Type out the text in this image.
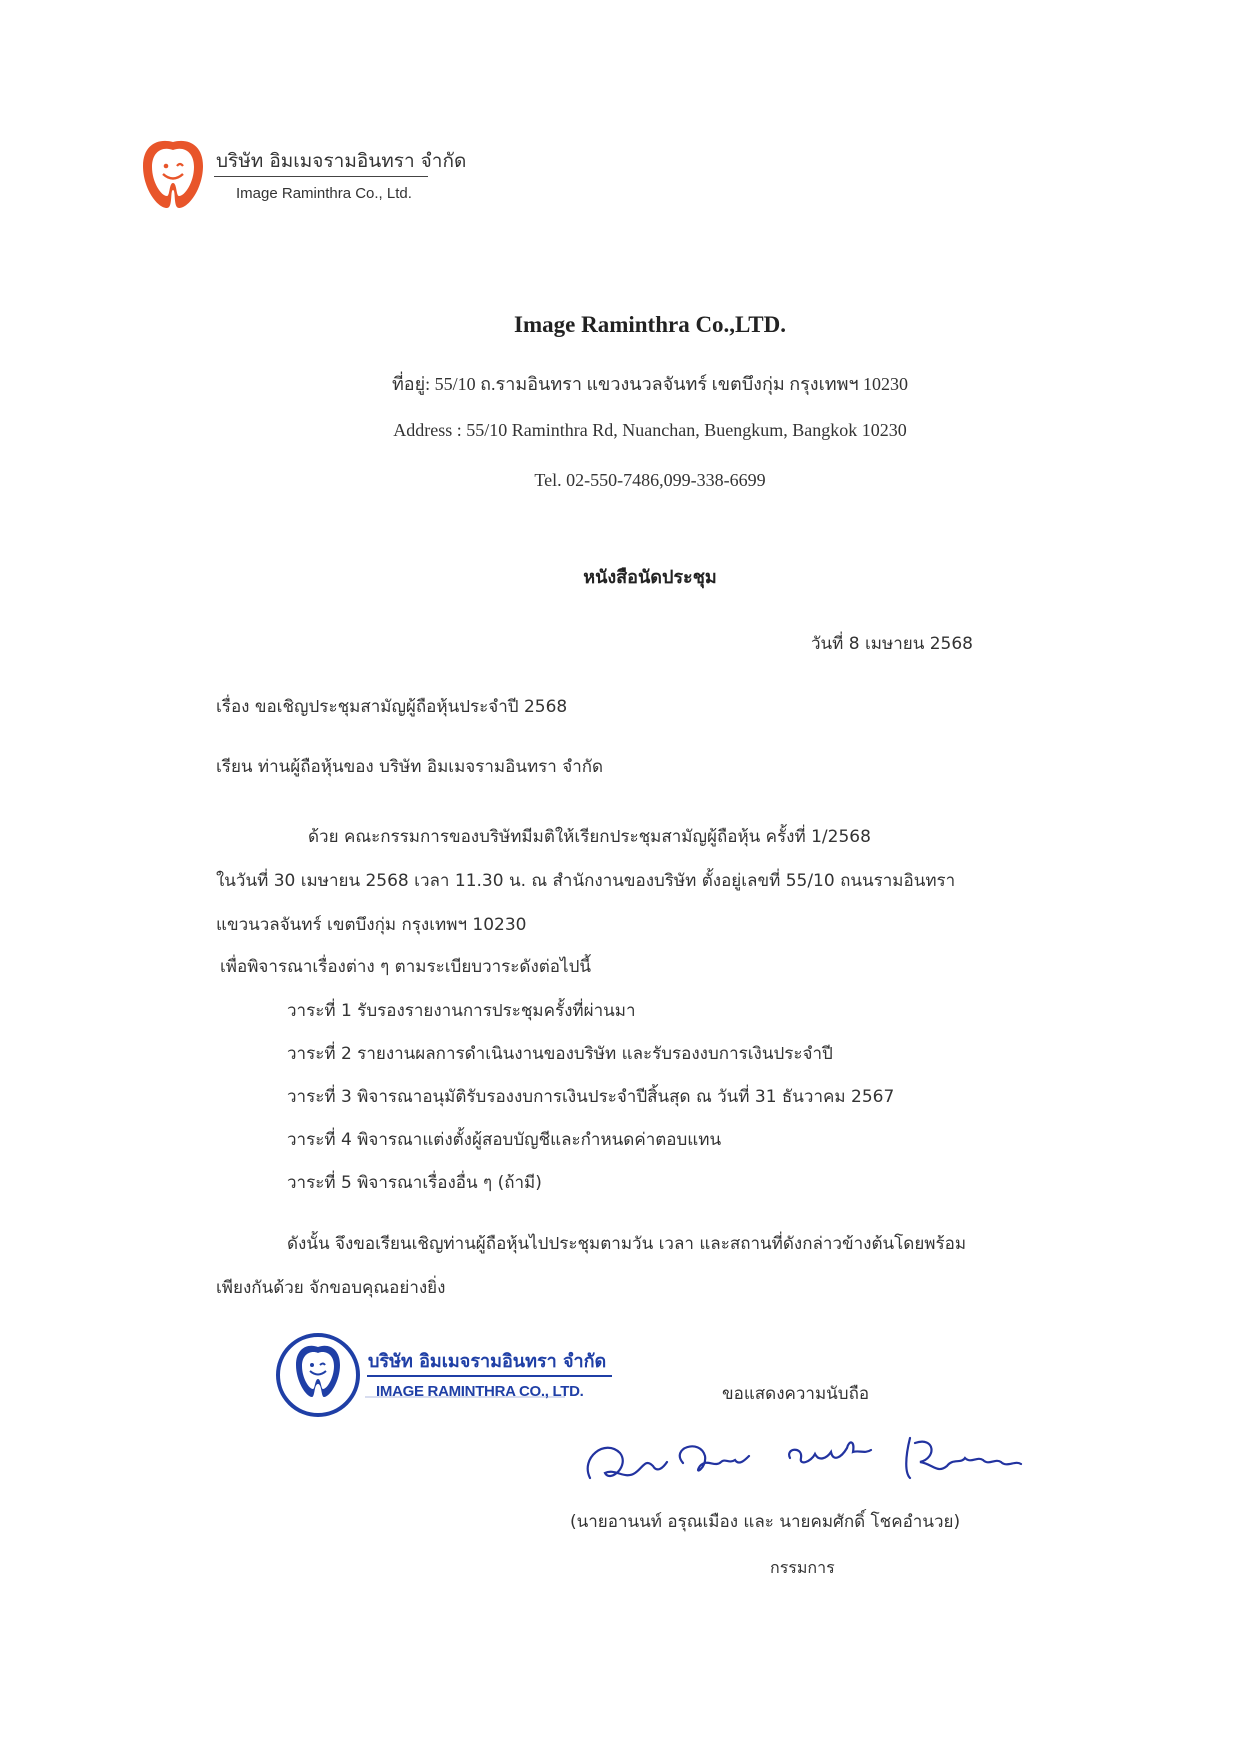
บริษัท อิมเมจรามอินทรา จำกัด
Image Raminthra Co., Ltd.
Image Raminthra Co.,LTD.
ที่อยู่: 55/10 ถ.รามอินทรา แขวงนวลจันทร์ เขตบึงกุ่ม กรุงเทพฯ 10230
Address : 55/10 Raminthra Rd, Nuanchan, Buengkum, Bangkok 10230
Tel. 02-550-7486,099-338-6699
หนังสือนัดประชุม
วันที่ 8 เมษายน 2568
เรื่อง ขอเชิญประชุมสามัญผู้ถือหุ้นประจำปี 2568
เรียน ท่านผู้ถือหุ้นของ บริษัท อิมเมจรามอินทรา จำกัด
ด้วย คณะกรรมการของบริษัทมีมติให้เรียกประชุมสามัญผู้ถือหุ้น ครั้งที่ 1/2568
ในวันที่ 30 เมษายน 2568 เวลา 11.30 น. ณ สำนักงานของบริษัท ตั้งอยู่เลขที่ 55/10 ถนนรามอินทรา
แขวนวลจันทร์ เขตบึงกุ่ม กรุงเทพฯ 10230
เพื่อพิจารณาเรื่องต่าง ๆ ตามระเบียบวาระดังต่อไปนี้
วาระที่ 1 รับรองรายงานการประชุมครั้งที่ผ่านมา
วาระที่ 2 รายงานผลการดำเนินงานของบริษัท และรับรองงบการเงินประจำปี
วาระที่ 3 พิจารณาอนุมัติรับรองงบการเงินประจำปีสิ้นสุด ณ วันที่ 31 ธันวาคม 2567
วาระที่ 4 พิจารณาแต่งตั้งผู้สอบบัญชีและกำหนดค่าตอบแทน
วาระที่ 5 พิจารณาเรื่องอื่น ๆ (ถ้ามี)
ดังนั้น จึงขอเรียนเชิญท่านผู้ถือหุ้นไปประชุมตามวัน เวลา และสถานที่ดังกล่าวข้างต้นโดยพร้อม
เพียงกันด้วย จักขอบคุณอย่างยิ่ง
บริษัท อิมเมจรามอินทรา จำกัด
IMAGE RAMINTHRA CO., LTD.	ขอแสดงความนับถือ
(นายอานนท์ อรุณเมือง และ นายคมศักดิ์ โชคอำนวย)
กรรมการ
